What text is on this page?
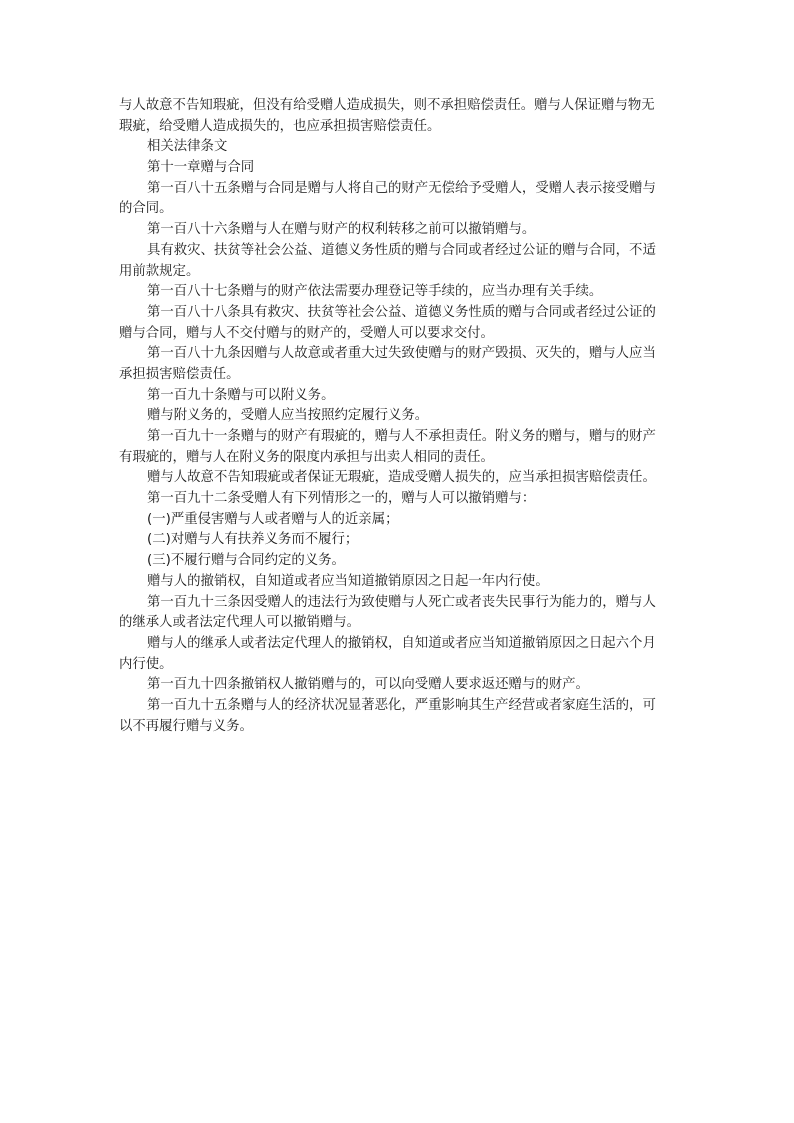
与人故意不告知瑕疵，但没有给受赠人造成损失，则不承担赔偿责任。赠与人保证赠与物无
瑕疵，给受赠人造成损失的，也应承担损害赔偿责任。
相关法律条文
第十一章赠与合同
第一百八十五条赠与合同是赠与人将自己的财产无偿给予受赠人，受赠人表示接受赠与
的合同。
第一百八十六条赠与人在赠与财产的权利转移之前可以撤销赠与。
具有救灾、扶贫等社会公益、道德义务性质的赠与合同或者经过公证的赠与合同，不适
用前款规定。
第一百八十七条赠与的财产依法需要办理登记等手续的，应当办理有关手续。
第一百八十八条具有救灾、扶贫等社会公益、道德义务性质的赠与合同或者经过公证的
赠与合同，赠与人不交付赠与的财产的，受赠人可以要求交付。
第一百八十九条因赠与人故意或者重大过失致使赠与的财产毁损、灭失的，赠与人应当
承担损害赔偿责任。
第一百九十条赠与可以附义务。
赠与附义务的，受赠人应当按照约定履行义务。
第一百九十一条赠与的财产有瑕疵的，赠与人不承担责任。附义务的赠与，赠与的财产
有瑕疵的，赠与人在附义务的限度内承担与出卖人相同的责任。
赠与人故意不告知瑕疵或者保证无瑕疵，造成受赠人损失的，应当承担损害赔偿责任。
第一百九十二条受赠人有下列情形之一的，赠与人可以撤销赠与：
(一)严重侵害赠与人或者赠与人的近亲属；
(二)对赠与人有扶养义务而不履行；
(三)不履行赠与合同约定的义务。
赠与人的撤销权，自知道或者应当知道撤销原因之日起一年内行使。
第一百九十三条因受赠人的违法行为致使赠与人死亡或者丧失民事行为能力的，赠与人
的继承人或者法定代理人可以撤销赠与。
赠与人的继承人或者法定代理人的撤销权，自知道或者应当知道撤销原因之日起六个月
内行使。
第一百九十四条撤销权人撤销赠与的，可以向受赠人要求返还赠与的财产。
第一百九十五条赠与人的经济状况显著恶化，严重影响其生产经营或者家庭生活的，可
以不再履行赠与义务。
